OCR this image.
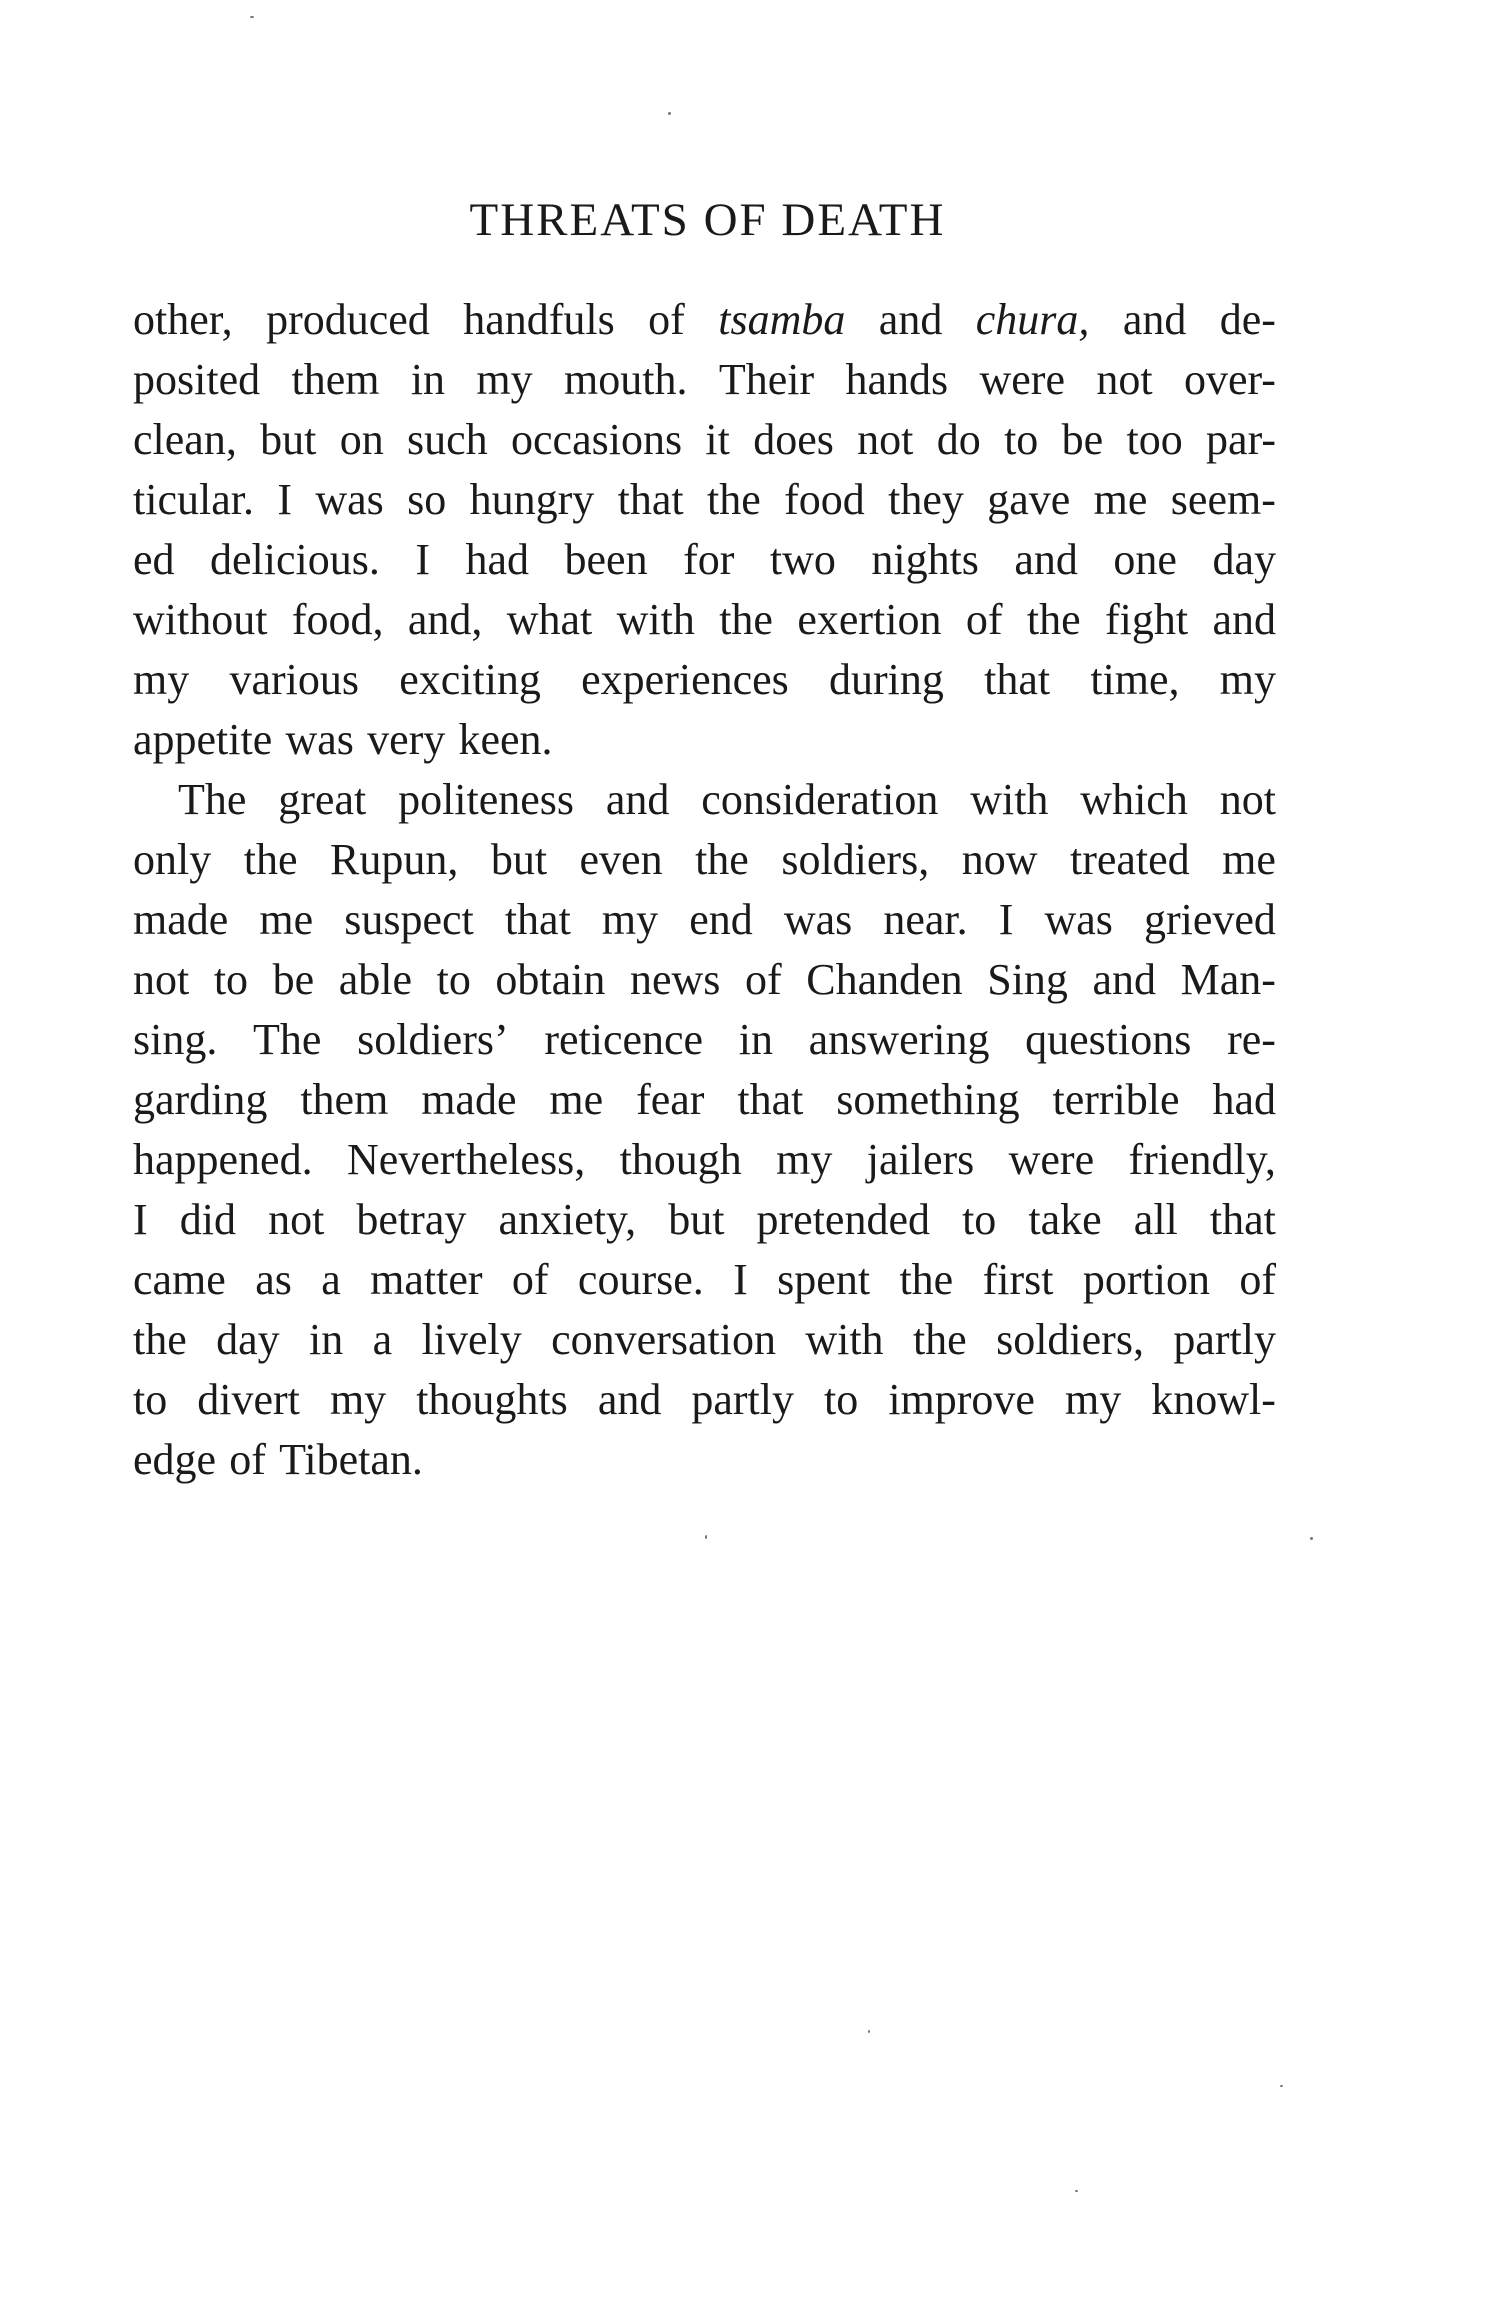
THREATS OF DEATH
other, produced handfuls of tsamba and chura, and de-
posited them in my mouth. Their hands were not over-
clean, but on such occasions it does not do to be too par-
ticular. I was so hungry that the food they gave me seem-
ed delicious. I had been for two nights and one day
without food, and, what with the exertion of the fight and
my various exciting experiences during that time, my
appetite was very keen.
The great politeness and consideration with which not
only the Rupun, but even the soldiers, now treated me
made me suspect that my end was near. I was grieved
not to be able to obtain news of Chanden Sing and Man-
sing. The soldiers’ reticence in answering questions re-
garding them made me fear that something terrible had
happened. Nevertheless, though my jailers were friendly,
I did not betray anxiety, but pretended to take all that
came as a matter of course. I spent the first portion of
the day in a lively conversation with the soldiers, partly
to divert my thoughts and partly to improve my knowl-
edge of Tibetan.
